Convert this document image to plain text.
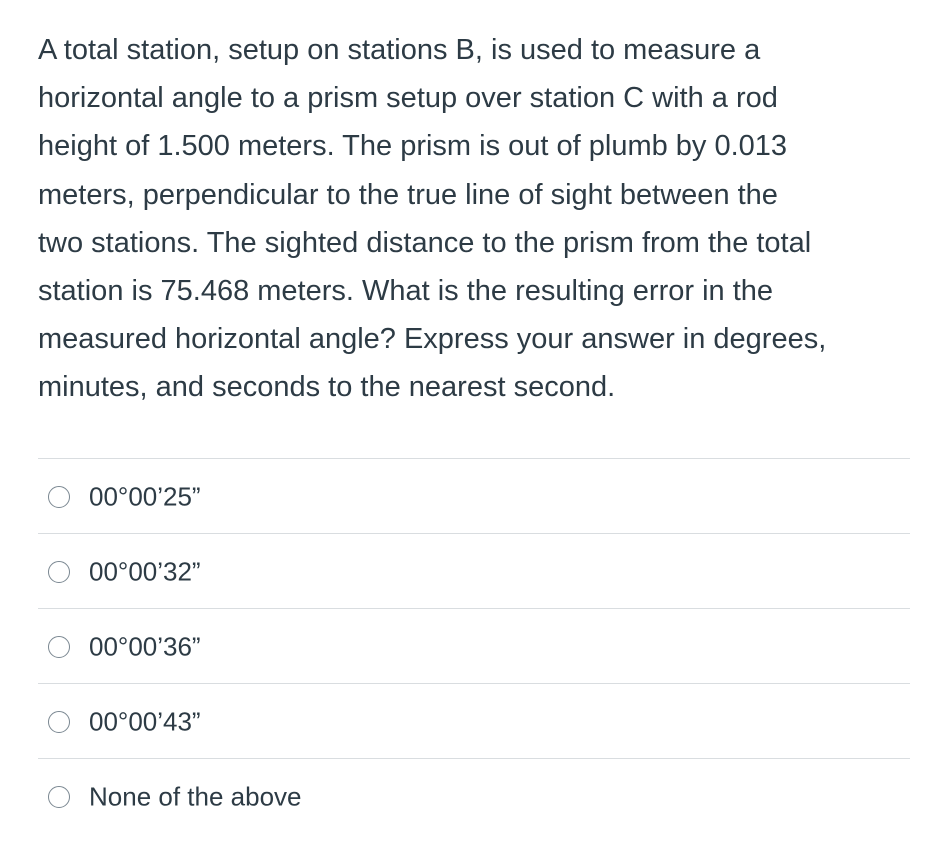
A total station, setup on stations B, is used to measure a
horizontal angle to a prism setup over station C with a rod
height of 1.500 meters. The prism is out of plumb by 0.013
meters, perpendicular to the true line of sight between the
two stations. The sighted distance to the prism from the total
station is 75.468 meters. What is the resulting error in the
measured horizontal angle? Express your answer in degrees,
minutes, and seconds to the nearest second.
00°00’25”
00°00’32”
00°00’36”
00°00’43”
None of the above
